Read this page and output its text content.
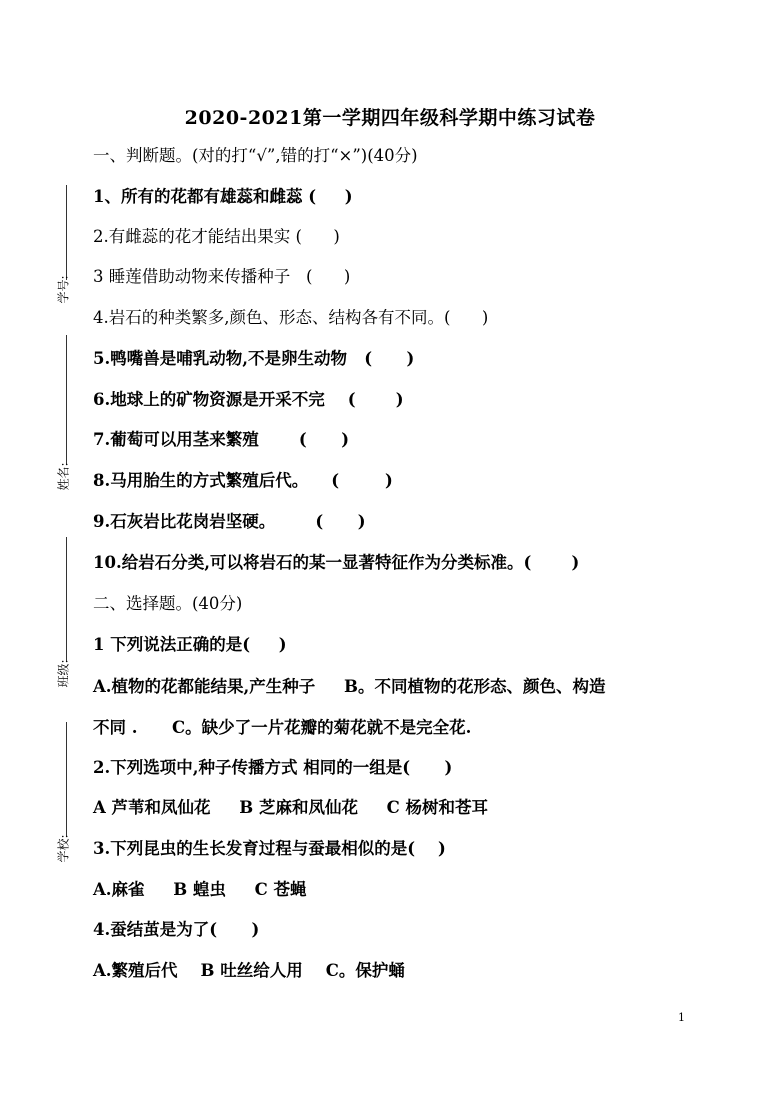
学号:
姓名:
班级:
学校:
2020-2021第一学期四年级科学期中练习试卷
一、判断题。(对的打“√”,错的打“×”)(40分)
1、所有的花都有雄蕊和雌蕊 (     )
2.有雌蕊的花才能结出果实 (      )
3 睡莲借助动物来传播种子   (      )
4.岩石的种类繁多,颜色、形态、结构各有不同。(      )
5.鸭嘴兽是哺乳动物,不是卵生动物   (      )
6.地球上的矿物资源是开采不完    (       )
7.葡萄可以用茎来繁殖       (      )
8.马用胎生的方式繁殖后代。    (        )
9.石灰岩比花岗岩坚硬。       (      )
10.给岩石分类,可以将岩石的某一显著特征作为分类标准。(       )
二、选择题。(40分)
1 下列说法正确的是(     )
A.植物的花都能结果,产生种子     B。不同植物的花形态、颜色、构造
不同 .      C。缺少了一片花瓣的菊花就不是完全花.
2.下列选项中,种子传播方式 相同的一组是(      )
A 芦苇和凤仙花     B 芝麻和凤仙花     C 杨树和苍耳
3.下列昆虫的生长发育过程与蚕最相似的是(    )
A.麻雀     B 蝗虫     C 苍蝇
4.蚕结茧是为了(      )
A.繁殖后代    B 吐丝给人用    C。保护蛹
1
